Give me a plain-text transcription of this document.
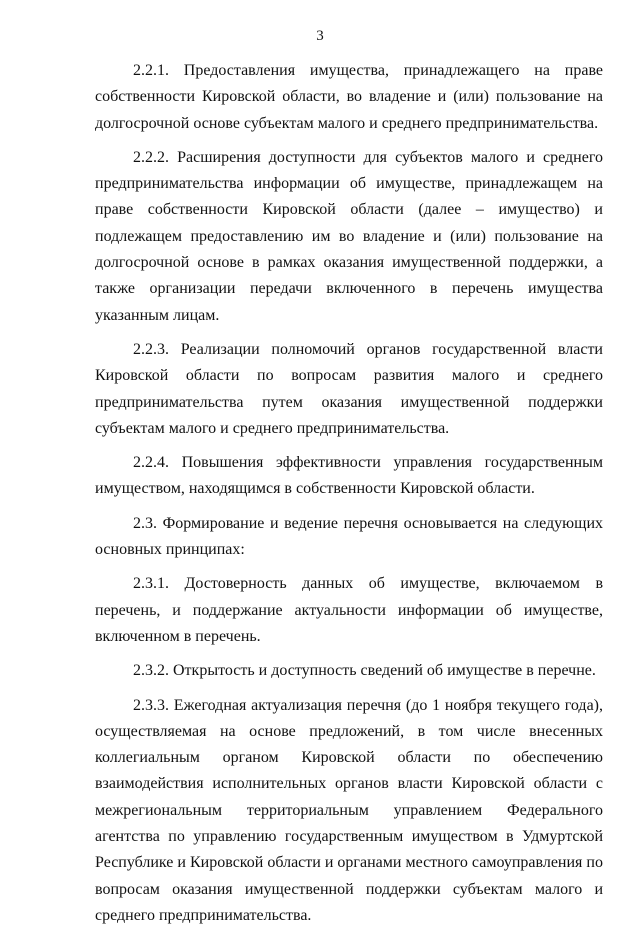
3

2.2.1. Предоставления имущества, принадлежащего на праве собственности Кировской области, во владение и (или) пользование на долгосрочной основе субъектам малого и среднего предпринимательства.

2.2.2. Расширения доступности для субъектов малого и среднего предпринимательства информации об имуществе, принадлежащем на праве собственности Кировской области (далее – имущество) и подлежащем предоставлению им во владение и (или) пользование на долгосрочной основе в рамках оказания имущественной поддержки, а также организации передачи включенного в перечень имущества указанным лицам.

2.2.3. Реализации полномочий органов государственной власти Кировской области по вопросам развития малого и среднего предпринимательства путем оказания имущественной поддержки субъектам малого и среднего предпринимательства.

2.2.4. Повышения эффективности управления государственным имуществом, находящимся в собственности Кировской области.

2.3. Формирование и ведение перечня основывается на следующих основных принципах:

2.3.1. Достоверность данных об имуществе, включаемом в перечень, и поддержание актуальности информации об имуществе, включенном в перечень.

2.3.2. Открытость и доступность сведений об имуществе в перечне.

2.3.3. Ежегодная актуализация перечня (до 1 ноября текущего года), осуществляемая на основе предложений, в том числе внесенных коллегиальным органом Кировской области по обеспечению взаимодействия исполнительных органов власти Кировской области с межрегиональным территориальным управлением Федерального агентства по управлению государственным имуществом в Удмуртской Республике и Кировской области и органами местного самоуправления по вопросам оказания имущественной поддержки субъектам малого и среднего предпринимательства.
